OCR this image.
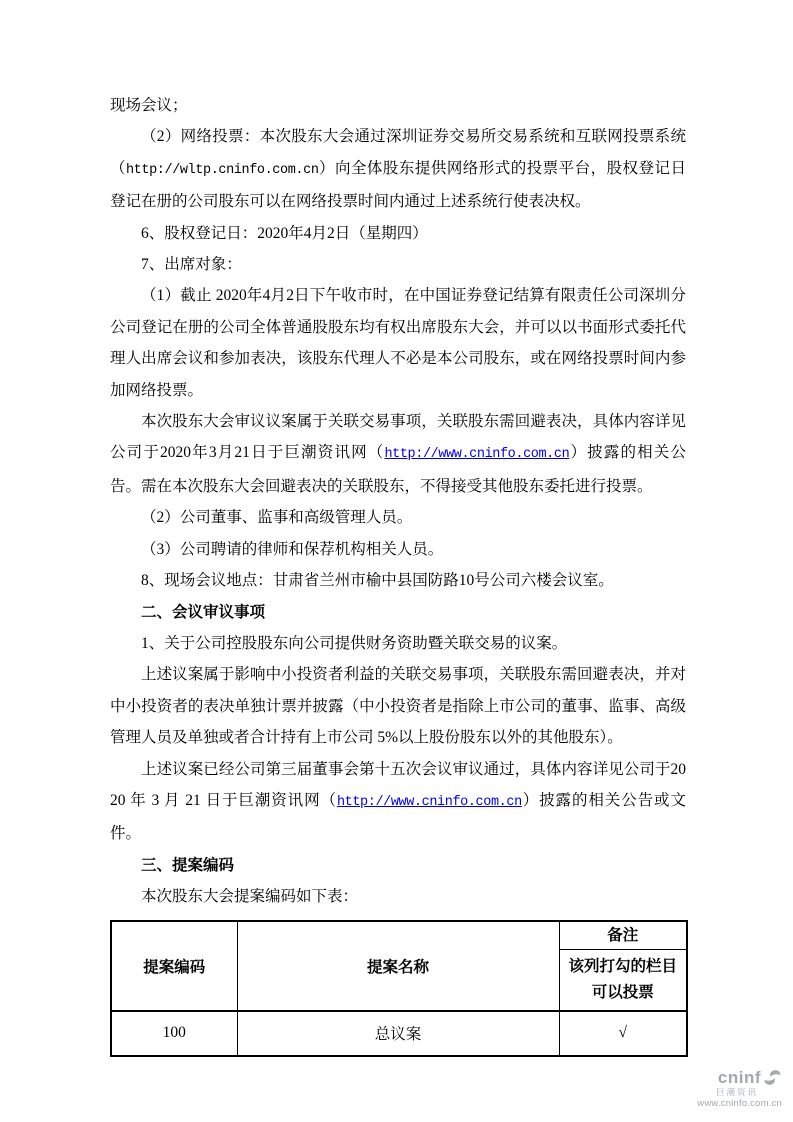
现场会议；

（2）网络投票：本次股东大会通过深圳证券交易所交易系统和互联网投票系统（http://wltp.cninfo.com.cn）向全体股东提供网络形式的投票平台，股权登记日登记在册的公司股东可以在网络投票时间内通过上述系统行使表决权。

6、股权登记日：2020年4月2日（星期四）

7、出席对象：

（1）截止 2020年4月2日下午收市时，在中国证券登记结算有限责任公司深圳分公司登记在册的公司全体普通股股东均有权出席股东大会，并可以以书面形式委托代理人出席会议和参加表决，该股东代理人不必是本公司股东，或在网络投票时间内参加网络投票。

本次股东大会审议议案属于关联交易事项，关联股东需回避表决，具体内容详见公司于2020年3月21日于巨潮资讯网（http://www.cninfo.com.cn）披露的相关公告。需在本次股东大会回避表决的关联股东，不得接受其他股东委托进行投票。

（2）公司董事、监事和高级管理人员。

（3）公司聘请的律师和保荐机构相关人员。

8、现场会议地点：甘肃省兰州市榆中县国防路10号公司六楼会议室。

二、会议审议事项

1、关于公司控股股东向公司提供财务资助暨关联交易的议案。

上述议案属于影响中小投资者利益的关联交易事项，关联股东需回避表决，并对中小投资者的表决单独计票并披露（中小投资者是指除上市公司的董事、监事、高级管理人员及单独或者合计持有上市公司 5%以上股份股东以外的其他股东）。

上述议案已经公司第三届董事会第十五次会议审议通过，具体内容详见公司于2020 年 3 月 21 日于巨潮资讯网（http://www.cninfo.com.cn）披露的相关公告或文件。

三、提案编码

本次股东大会提案编码如下表：

提案编码	提案名称	备注
		该列打勾的栏目可以投票
100	总议案	√
cninf
巨潮资讯
www.cninfo.com.cn
